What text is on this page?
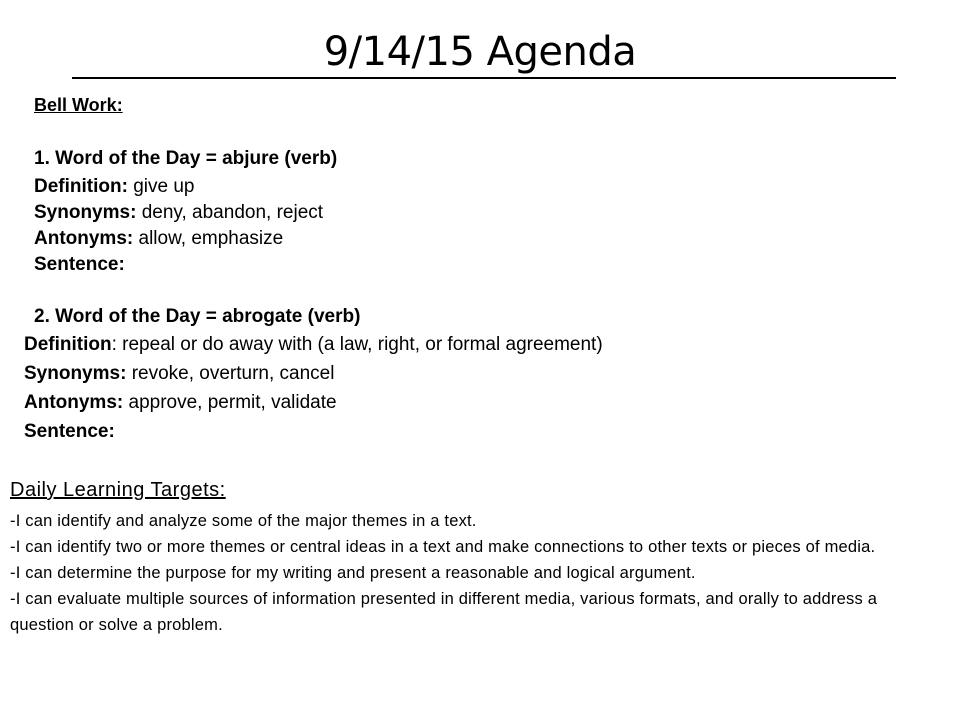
9/14/15 Agenda
Bell Work:
1. Word of the Day = abjure (verb)
Definition: give up
Synonyms: deny, abandon, reject
Antonyms: allow, emphasize
Sentence:
2. Word of the Day = abrogate (verb)
Definition: repeal or do away with (a law, right, or formal agreement)
Synonyms: revoke, overturn, cancel
Antonyms: approve, permit, validate
Sentence:
Daily Learning Targets:
-I can identify and analyze some of the major themes in a text.
-I can identify two or more themes or central ideas in a text and make connections to other texts or pieces of media.
-I can determine the purpose for my writing and present a reasonable and logical argument.
-I can evaluate multiple sources of information presented in different media, various formats, and orally to address a question or solve a problem.
